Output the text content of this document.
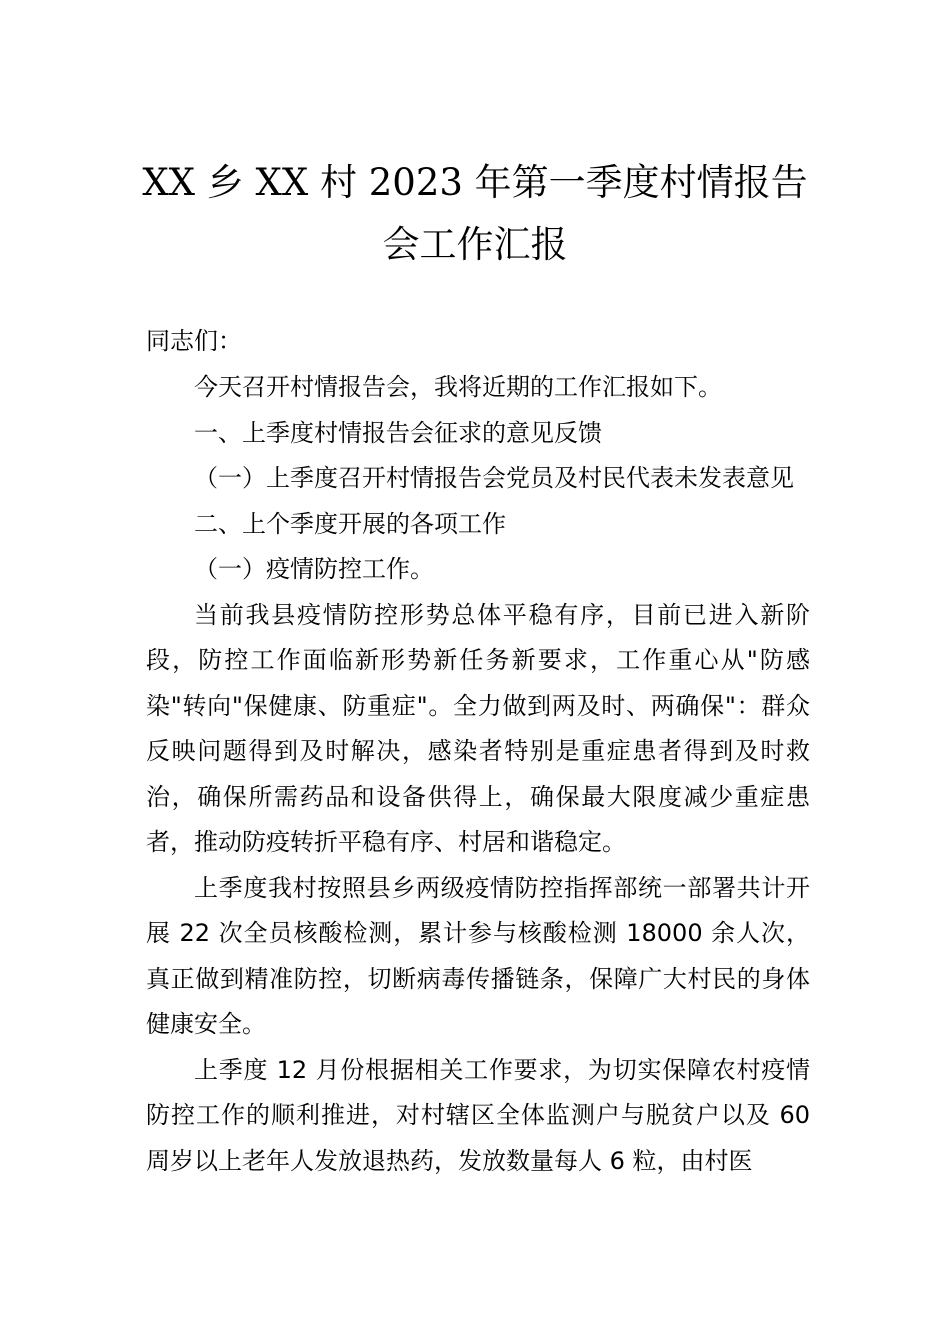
XX 乡 XX 村 2023 年第一季度村情报告
会工作汇报
同志们：

今天召开村情报告会，我将近期的工作汇报如下。

一、上季度村情报告会征求的意见反馈

（一）上季度召开村情报告会党员及村民代表未发表意见

二、上个季度开展的各项工作

（一）疫情防控工作。

当前我县疫情防控形势总体平稳有序，目前已进入新阶段，防控工作面临新形势新任务新要求，工作重心从"防感染"转向"保健康、防重症"。全力做到两及时、两确保"：群众反映问题得到及时解决，感染者特别是重症患者得到及时救治，确保所需药品和设备供得上，确保最大限度减少重症患者，推动防疫转折平稳有序、村居和谐稳定。

上季度我村按照县乡两级疫情防控指挥部统一部署共计开展 22 次全员核酸检测，累计参与核酸检测 18000 余人次，真正做到精准防控，切断病毒传播链条，保障广大村民的身体健康安全。

上季度 12 月份根据相关工作要求，为切实保障农村疫情防控工作的顺利推进，对村辖区全体监测户与脱贫户以及 60 周岁以上老年人发放退热药，发放数量每人 6 粒，由村医
